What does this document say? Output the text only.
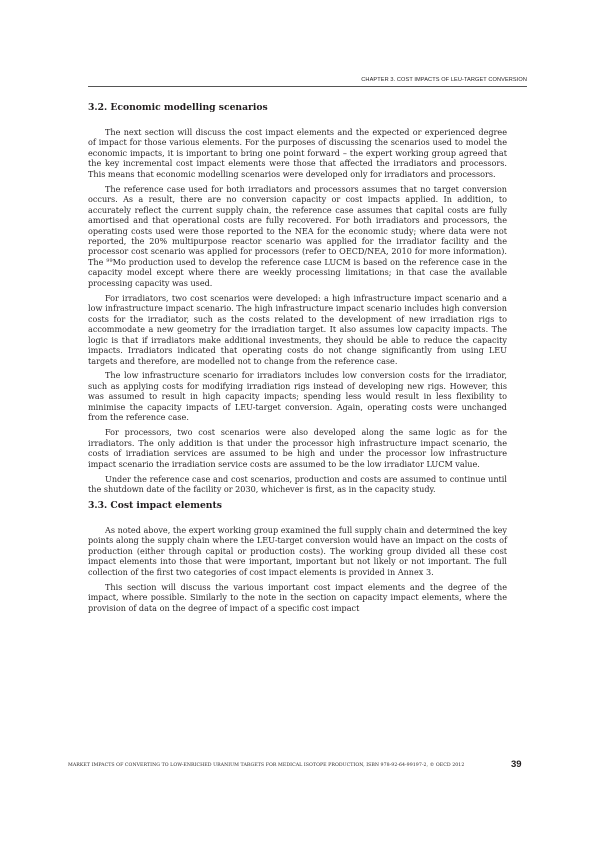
CHAPTER 3. COST IMPACTS OF LEU-TARGET CONVERSION
3.2. Economic modelling scenarios

The next section will discuss the cost impact elements and the expected or experienced degree of impact for those various elements. For the purposes of discussing the scenarios used to model the economic impacts, it is important to bring one point forward – the expert working group agreed that the key incremental cost impact elements were those that affected the irradiators and processors. This means that economic modelling scenarios were developed only for irradiators and processors.

The reference case used for both irradiators and processors assumes that no target conversion occurs. As a result, there are no conversion capacity or cost impacts applied. In addition, to accurately reflect the current supply chain, the reference case assumes that capital costs are fully amortised and that operational costs are fully recovered. For both irradiators and processors, the operating costs used were those reported to the NEA for the economic study; where data were not reported, the 20% multipurpose reactor scenario was applied for the irradiator facility and the processor cost scenario was applied for processors (refer to OECD/NEA, 2010 for more information). The $^{99}$Mo production used to develop the reference case LUCM is based on the reference case in the capacity model except where there are weekly processing limitations; in that case the available processing capacity was used.

For irradiators, two cost scenarios were developed: a high infrastructure impact scenario and a low infrastructure impact scenario. The high infrastructure impact scenario includes high conversion costs for the irradiator, such as the costs related to the development of new irradiation rigs to accommodate a new geometry for the irradiation target. It also assumes low capacity impacts. The logic is that if irradiators make additional investments, they should be able to reduce the capacity impacts. Irradiators indicated that operating costs do not change significantly from using LEU targets and therefore, are modelled not to change from the reference case.

The low infrastructure scenario for irradiators includes low conversion costs for the irradiator, such as applying costs for modifying irradiation rigs instead of developing new rigs. However, this was assumed to result in high capacity impacts; spending less would result in less flexibility to minimise the capacity impacts of LEU-target conversion. Again, operating costs were unchanged from the reference case.

For processors, two cost scenarios were also developed along the same logic as for the irradiators. The only addition is that under the processor high infrastructure impact scenario, the costs of irradiation services are assumed to be high and under the processor low infrastructure impact scenario the irradiation service costs are assumed to be the low irradiator LUCM value.

Under the reference case and cost scenarios, production and costs are assumed to continue until the shutdown date of the facility or 2030, whichever is first, as in the capacity study.

3.3. Cost impact elements

As noted above, the expert working group examined the full supply chain and determined the key points along the supply chain where the LEU-target conversion would have an impact on the costs of production (either through capital or production costs). The working group divided all these cost impact elements into those that were important, important but not likely or not important. The full collection of the first two categories of cost impact elements is provided in Annex 3.

This section will discuss the various important cost impact elements and the degree of the impact, where possible. Similarly to the note in the section on capacity impact elements, where the provision of data on the degree of impact of a specific cost impact

MARKET IMPACTS OF CONVERTING TO LOW-ENRICHED URANIUM TARGETS FOR MEDICAL ISOTOPE PRODUCTION, ISBN 978-92-64-99197-2, © OECD 2012	39
